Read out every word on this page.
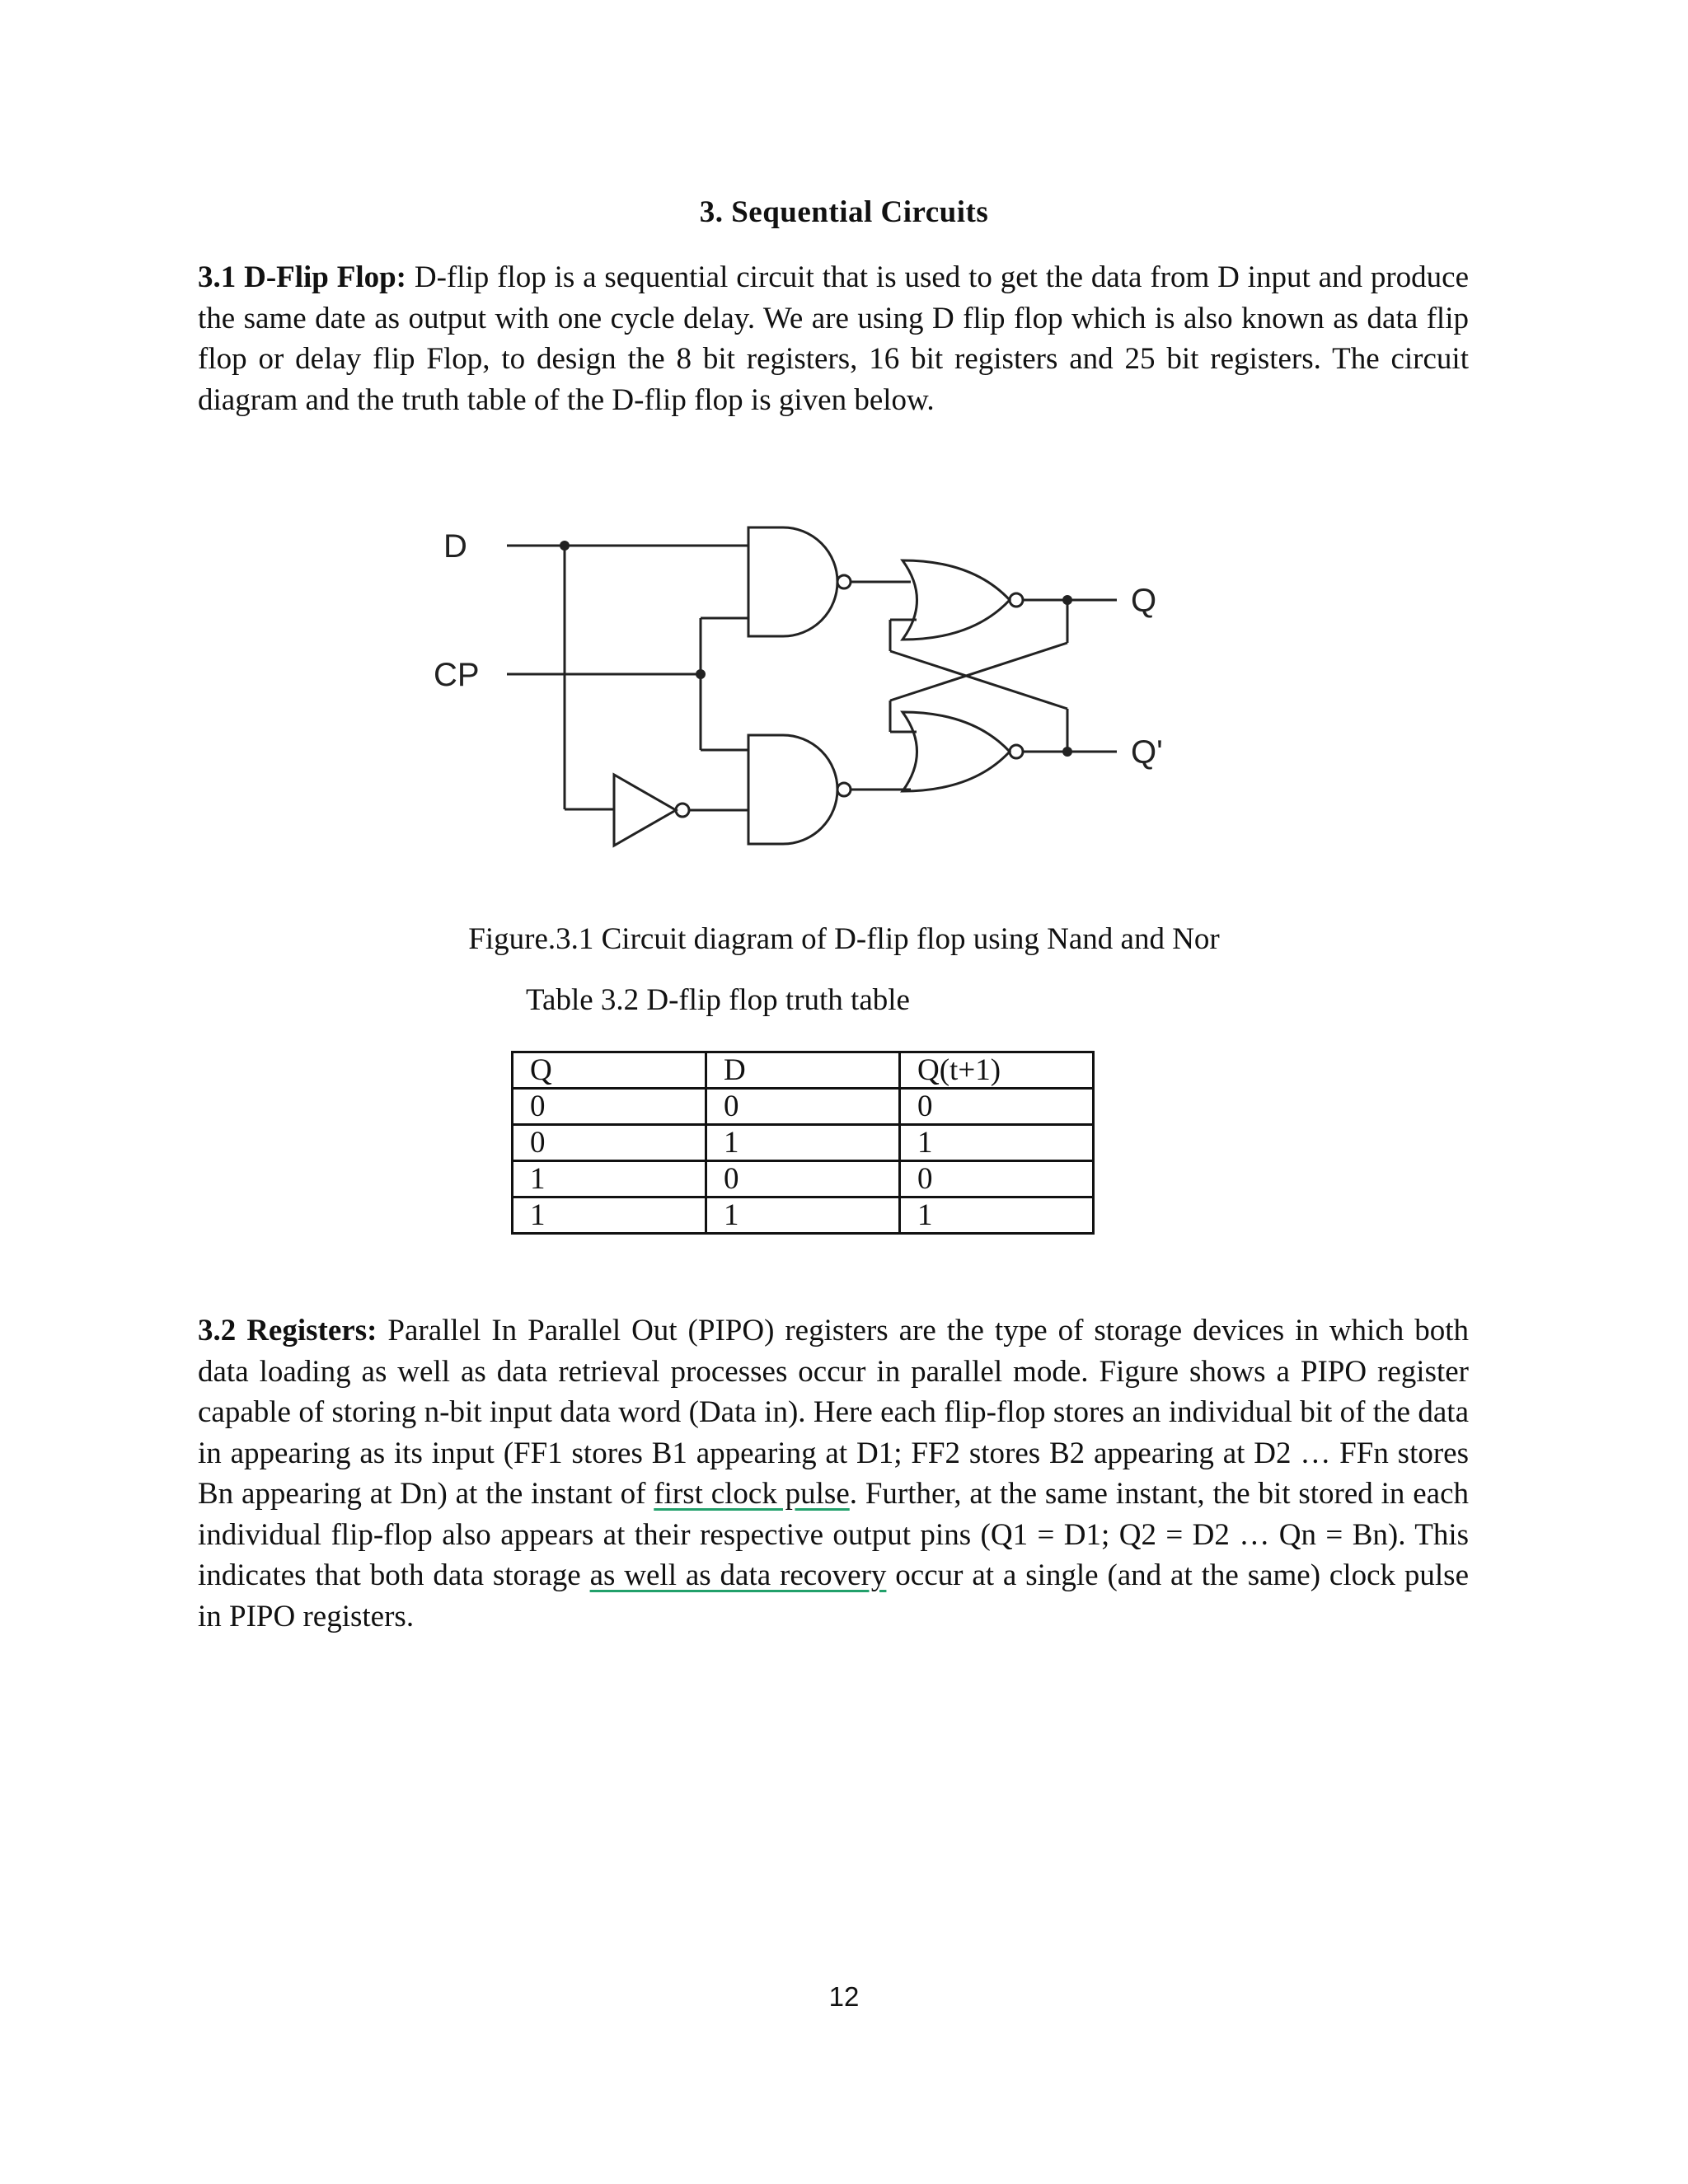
3. Sequential Circuits
3.1 D-Flip Flop: D-flip flop is a sequential circuit that is used to get the data from D input and produce the same date as output with one cycle delay. We are using D flip flop which is also known as data flip flop or delay flip Flop, to design the 8 bit registers, 16 bit registers and 25 bit registers. The circuit diagram and the truth table of the D-flip flop is given below.
D
CP
Q
Q'
Figure.3.1 Circuit diagram of D-flip flop using Nand and Nor
Table 3.2 D-flip flop truth table
Q	D	Q(t+1)
0	0	0
0	1	1
1	0	0
1	1	1
3.2 Registers: Parallel In Parallel Out (PIPO) registers are the type of storage devices in which both data loading as well as data retrieval processes occur in parallel mode. Figure shows a PIPO register capable of storing n-bit input data word (Data in). Here each flip-flop stores an individual bit of the data in appearing as its input (FF1 stores B1 appearing at D1; FF2 stores B2 appearing at D2 … FFn stores Bn appearing at Dn) at the instant of first clock pulse. Further, at the same instant, the bit stored in each individual flip-flop also appears at their respective output pins (Q1 = D1; Q2 = D2 … Qn = Bn). This indicates that both data storage as well as data recovery occur at a single (and at the same) clock pulse in PIPO registers.
12
